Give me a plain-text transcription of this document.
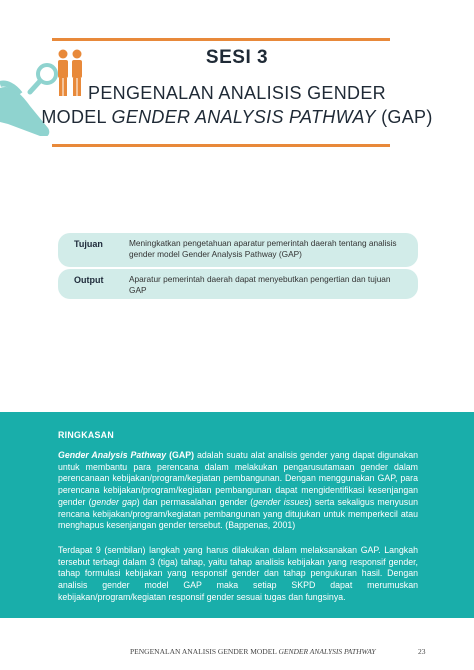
SESI 3
PENGENALAN ANALISIS GENDER
MODEL GENDER ANALYSIS PATHWAY (GAP)
Tujuan	Meningkatkan pengetahuan aparatur pemerintah daerah tentang analisis gender model Gender Analysis Pathway (GAP)
Output	Aparatur pemerintah daerah dapat menyebutkan pengertian dan tujuan GAP
RINGKASAN
Gender Analysis Pathway (GAP) adalah suatu alat analisis gender yang dapat digunakan untuk membantu para perencana dalam melakukan pengarusutamaan gender dalam perencanaan kebijakan/program/kegiatan pembangunan. Dengan menggunakan GAP, para perencana kebijakan/program/kegiatan pembangunan dapat mengidentifikasi kesenjangan gender (gender gap) dan permasalahan gender (gender issues) serta sekaligus menyusun rencana kebijakan/program/kegiatan pembangunan yang ditujukan untuk memperkecil atau menghapus kesenjangan gender tersebut. (Bappenas, 2001)
Terdapat 9 (sembilan) langkah yang harus dilakukan dalam melaksanakan GAP. Langkah tersebut terbagi dalam 3 (tiga) tahap, yaitu tahap analisis kebijakan yang responsif gender, tahap formulasi kebijakan yang responsif gender dan tahap pengukuran hasil. Dengan analisis gender model GAP maka setiap SKPD dapat merumuskan kebijakan/program/kegiatan responsif gender sesuai tugas dan fungsinya.
PENGENALAN ANALISIS GENDER MODEL GENDER ANALYSIS PATHWAY	23
